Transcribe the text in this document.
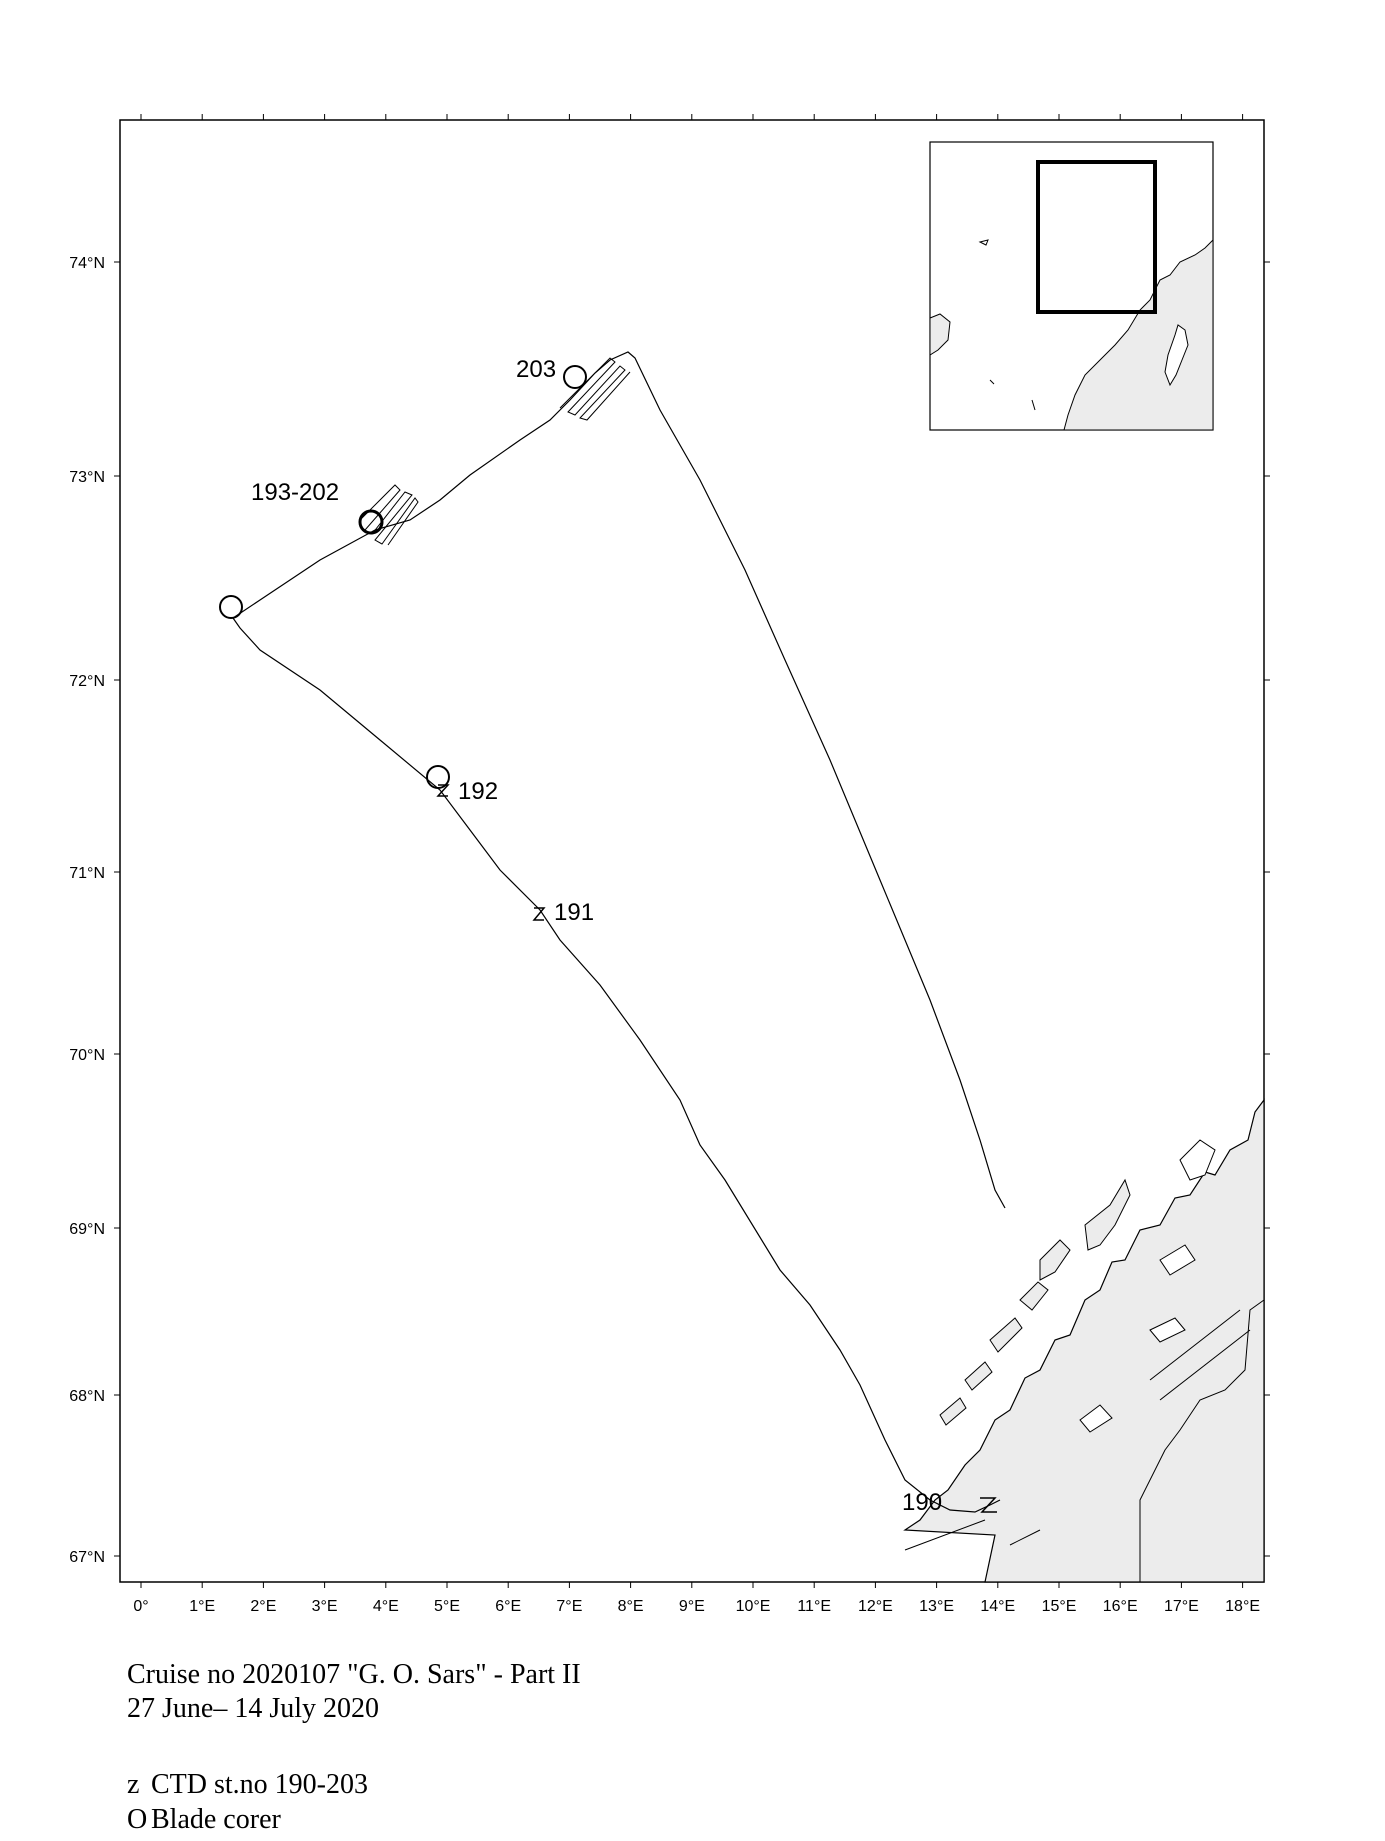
203
193-202
192
191
190
0°	1°E 2°E 3°E 4°E 5°E 6°E 7°E 8°E 9°E 10°E 11°E 12°E 13°E 14°E 15°E 16°E 17°E 18°E
74°N
73°N
72°N
71°N
70°N
69°N
68°N
67°N
Cruise no 2020107 "G. O. Sars" - Part II
27 June– 14 July 2020
z CTD st.no 190-203
O Blade corer
